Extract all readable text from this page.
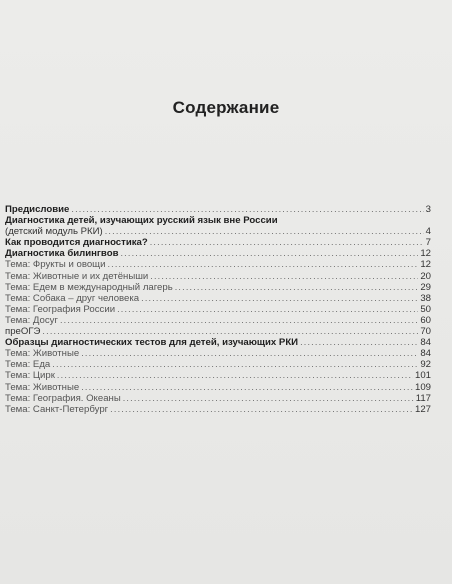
Содержание
Предисловие .....	3
Диагностика детей, изучающих русский язык вне России
(детский модуль РКИ) .....	4
Как проводится диагностика? .....	7
Диагностика билингвов .....	12
Тема: Фрукты и овощи .....	12
Тема: Животные и их детёныши .....	20
Тема: Едем в международный лагерь .....	29
Тема: Собака – друг человека .....	38
Тема: География России .....	50
Тема: Досуг .....	60
преОГЭ .....	70
Образцы диагностических тестов для детей, изучающих РКИ .....	84
Тема: Животные .....	84
Тема: Еда .....	92
Тема: Цирк .....	101
Тема: Животные .....	109
Тема: География. Океаны .....	117
Тема: Санкт-Петербург .....	127
